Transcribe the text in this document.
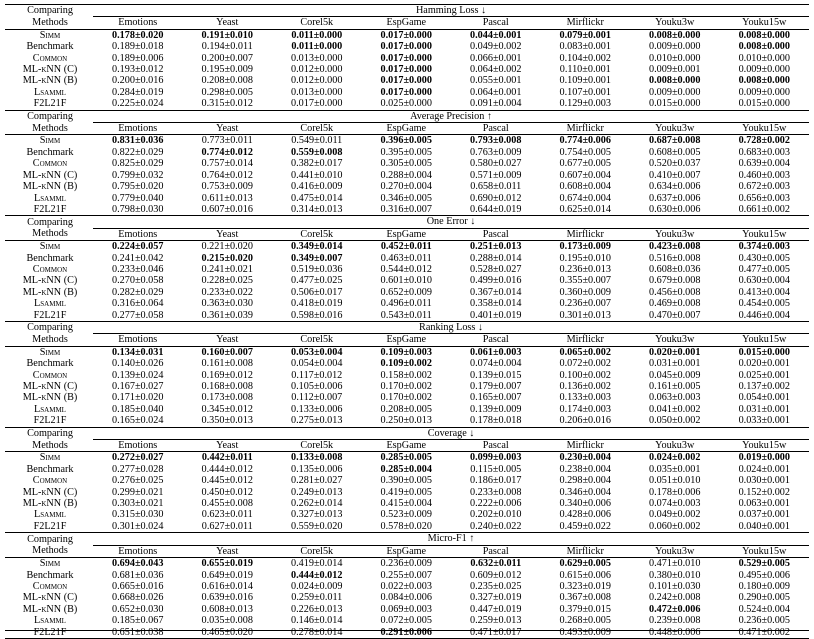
Comparing	Hamming Loss ↓							
Methods	Emotions	Yeast	Corel5k	EspGame	Pascal	Mirflickr	Youku3w	Youku15w
Simm	0.178±0.020	0.191±0.010	0.011±0.000	0.017±0.000	0.044±0.001	0.079±0.001	0.008±0.000	0.008±0.000
Benchmark	0.189±0.018	0.194±0.011	0.011±0.000	0.017±0.000	0.049±0.002	0.083±0.001	0.009±0.000	0.008±0.000
Common	0.189±0.006	0.200±0.007	0.013±0.000	0.017±0.000	0.066±0.001	0.104±0.002	0.010±0.000	0.010±0.000
ML-kNN (C)	0.193±0.012	0.195±0.009	0.012±0.000	0.017±0.000	0.064±0.002	0.110±0.001	0.009±0.001	0.009±0.000
ML-kNN (B)	0.200±0.016	0.208±0.008	0.012±0.000	0.017±0.000	0.055±0.001	0.109±0.001	0.008±0.000	0.008±0.000
Lsamml	0.284±0.019	0.298±0.005	0.013±0.000	0.017±0.000	0.064±0.001	0.107±0.001	0.009±0.000	0.009±0.000
F2L21F	0.225±0.024	0.315±0.012	0.017±0.000	0.025±0.000	0.091±0.004	0.129±0.003	0.015±0.000	0.015±0.000
Comparing	Average Precision ↑							
Methods	Emotions	Yeast	Corel5k	EspGame	Pascal	Mirflickr	Youku3w	Youku15w
Simm	0.831±0.036	0.773±0.011	0.549±0.011	0.396±0.005	0.793±0.008	0.774±0.006	0.687±0.008	0.728±0.002
Benchmark	0.822±0.029	0.774±0.012	0.559±0.008	0.395±0.005	0.763±0.009	0.754±0.005	0.608±0.005	0.683±0.003
Common	0.825±0.029	0.757±0.014	0.382±0.017	0.305±0.005	0.580±0.027	0.677±0.005	0.520±0.037	0.639±0.004
ML-kNN (C)	0.799±0.032	0.764±0.012	0.441±0.010	0.288±0.004	0.571±0.009	0.607±0.004	0.410±0.007	0.460±0.003
ML-kNN (B)	0.795±0.020	0.753±0.009	0.416±0.009	0.270±0.004	0.658±0.011	0.608±0.004	0.634±0.006	0.672±0.003
Lsamml	0.779±0.040	0.611±0.013	0.475±0.014	0.346±0.005	0.690±0.012	0.674±0.004	0.637±0.006	0.656±0.003
F2L21F	0.798±0.030	0.607±0.016	0.314±0.013	0.316±0.007	0.644±0.019	0.625±0.014	0.630±0.006	0.661±0.002
Comparing	One Error ↓							
Methods	Emotions	Yeast	Corel5k	EspGame	Pascal	Mirflickr	Youku3w	Youku15w
Simm	0.224±0.057	0.221±0.020	0.349±0.014	0.452±0.011	0.251±0.013	0.173±0.009	0.423±0.008	0.374±0.003
Benchmark	0.241±0.042	0.215±0.020	0.349±0.007	0.463±0.011	0.288±0.014	0.195±0.010	0.516±0.008	0.430±0.005
Common	0.233±0.046	0.241±0.021	0.519±0.036	0.544±0.012	0.528±0.027	0.236±0.013	0.608±0.036	0.477±0.005
ML-kNN (C)	0.270±0.058	0.228±0.025	0.477±0.025	0.601±0.010	0.499±0.016	0.355±0.007	0.679±0.008	0.630±0.004
ML-kNN (B)	0.282±0.029	0.233±0.022	0.506±0.017	0.652±0.009	0.367±0.014	0.360±0.009	0.456±0.008	0.413±0.004
Lsamml	0.316±0.064	0.363±0.030	0.418±0.019	0.496±0.011	0.358±0.014	0.236±0.007	0.469±0.008	0.454±0.005
F2L21F	0.277±0.058	0.361±0.039	0.598±0.016	0.543±0.011	0.401±0.019	0.301±0.013	0.470±0.007	0.446±0.004
Comparing	Ranking Loss ↓							
Methods	Emotions	Yeast	Corel5k	EspGame	Pascal	Mirflickr	Youku3w	Youku15w
Simm	0.134±0.031	0.160±0.007	0.053±0.004	0.109±0.003	0.061±0.003	0.065±0.002	0.020±0.001	0.015±0.000
Benchmark	0.140±0.026	0.161±0.008	0.054±0.004	0.109±0.002	0.074±0.004	0.072±0.002	0.031±0.001	0.020±0.001
Common	0.139±0.024	0.169±0.012	0.117±0.012	0.158±0.002	0.139±0.015	0.100±0.002	0.045±0.009	0.025±0.001
ML-kNN (C)	0.167±0.027	0.168±0.008	0.105±0.006	0.170±0.002	0.179±0.007	0.136±0.002	0.161±0.005	0.137±0.002
ML-kNN (B)	0.171±0.020	0.173±0.008	0.112±0.007	0.170±0.002	0.165±0.007	0.133±0.003	0.063±0.003	0.054±0.001
Lsamml	0.185±0.040	0.345±0.012	0.133±0.006	0.208±0.005	0.139±0.009	0.174±0.003	0.041±0.002	0.031±0.001
F2L21F	0.165±0.024	0.350±0.013	0.275±0.013	0.250±0.013	0.178±0.018	0.206±0.016	0.050±0.002	0.033±0.001
Comparing	Coverage ↓							
Methods	Emotions	Yeast	Corel5k	EspGame	Pascal	Mirflickr	Youku3w	Youku15w
Simm	0.272±0.027	0.442±0.011	0.133±0.008	0.285±0.005	0.099±0.003	0.230±0.004	0.024±0.002	0.019±0.000
Benchmark	0.277±0.028	0.444±0.012	0.135±0.006	0.285±0.004	0.115±0.005	0.238±0.004	0.035±0.001	0.024±0.001
Common	0.276±0.025	0.445±0.012	0.281±0.027	0.390±0.005	0.186±0.017	0.298±0.004	0.051±0.010	0.030±0.001
ML-kNN (C)	0.299±0.021	0.450±0.012	0.249±0.013	0.419±0.005	0.233±0.008	0.346±0.004	0.178±0.006	0.152±0.002
ML-kNN (B)	0.303±0.021	0.455±0.008	0.262±0.014	0.415±0.004	0.222±0.006	0.340±0.006	0.074±0.003	0.063±0.001
Lsamml	0.315±0.030	0.623±0.011	0.327±0.013	0.523±0.009	0.202±0.010	0.428±0.006	0.049±0.002	0.037±0.001
F2L21F	0.301±0.024	0.627±0.011	0.559±0.020	0.578±0.020	0.240±0.022	0.459±0.022	0.060±0.002	0.040±0.001
Comparing	Micro-F1 ↑							
Methods	Emotions	Yeast	Corel5k	EspGame	Pascal	Mirflickr	Youku3w	Youku15w
Simm	0.694±0.043	0.655±0.019	0.419±0.014	0.236±0.009	0.632±0.011	0.629±0.005	0.471±0.010	0.529±0.005
Benchmark	0.681±0.036	0.649±0.019	0.444±0.012	0.255±0.007	0.609±0.012	0.615±0.006	0.380±0.010	0.495±0.006
Common	0.665±0.016	0.616±0.014	0.024±0.009	0.022±0.003	0.235±0.025	0.323±0.019	0.101±0.030	0.180±0.009
ML-kNN (C)	0.668±0.026	0.639±0.016	0.259±0.011	0.084±0.006	0.327±0.019	0.367±0.008	0.242±0.008	0.290±0.005
ML-kNN (B)	0.652±0.030	0.608±0.013	0.226±0.013	0.069±0.003	0.447±0.019	0.379±0.015	0.472±0.006	0.524±0.004
Lsamml	0.185±0.067	0.035±0.008	0.146±0.014	0.072±0.005	0.259±0.013	0.268±0.005	0.239±0.008	0.236±0.005
F2L21F	0.651±0.038	0.465±0.020	0.278±0.014	0.291±0.006	0.471±0.017	0.493±0.009	0.448±0.006	0.471±0.002
